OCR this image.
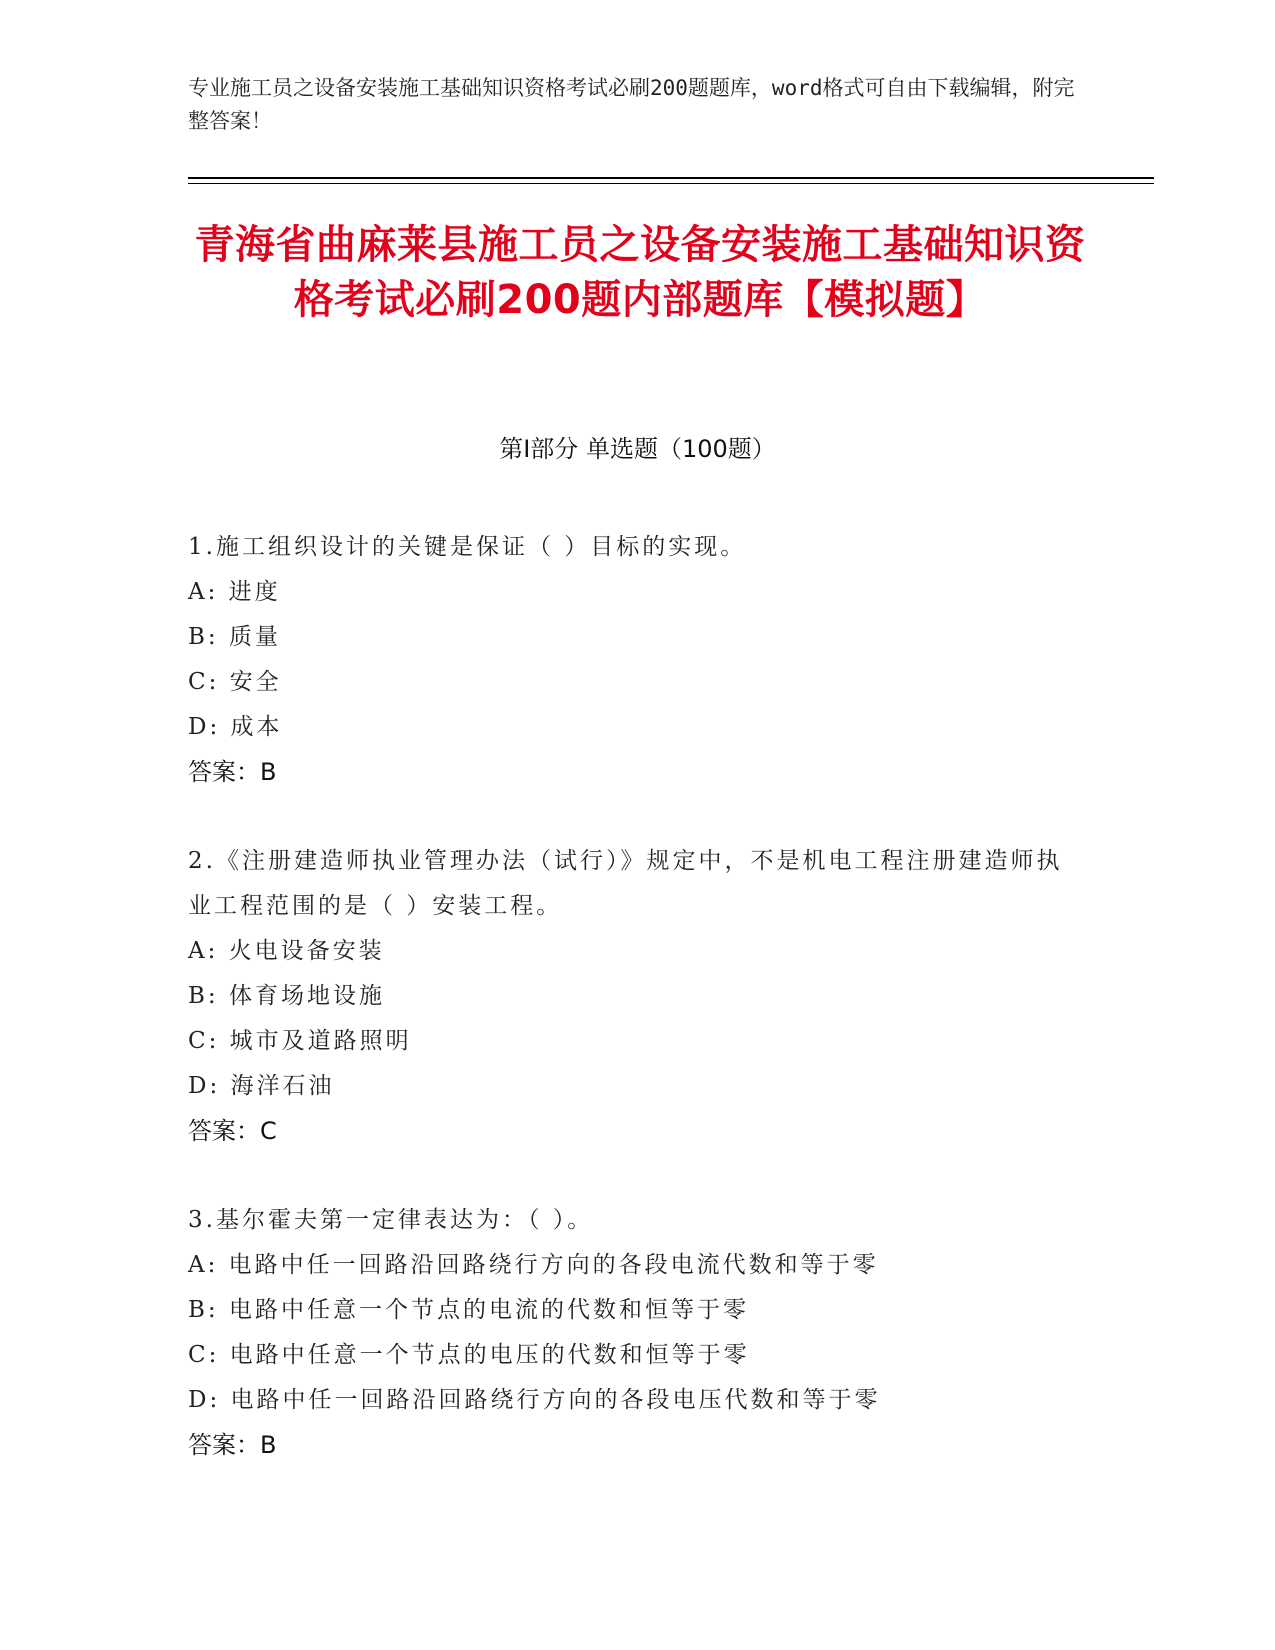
专业施工员之设备安装施工基础知识资格考试必刷200题题库，word格式可自由下载编辑，附完整答案！
青海省曲麻莱县施工员之设备安装施工基础知识资格考试必刷200题内部题库【模拟题】
第I部分 单选题（100题）

1.施工组织设计的关键是保证（ ）目标的实现。

A: 进度

B: 质量

C: 安全

D: 成本

答案：B

2.《注册建造师执业管理办法（试行）》规定中，不是机电工程注册建造师执业工程范围的是（ ）安装工程。

A: 火电设备安装

B: 体育场地设施

C: 城市及道路照明

D: 海洋石油

答案：C

3.基尔霍夫第一定律表达为：（ ）。

A: 电路中任一回路沿回路绕行方向的各段电流代数和等于零

B: 电路中任意一个节点的电流的代数和恒等于零

C: 电路中任意一个节点的电压的代数和恒等于零

D: 电路中任一回路沿回路绕行方向的各段电压代数和等于零

答案：B
